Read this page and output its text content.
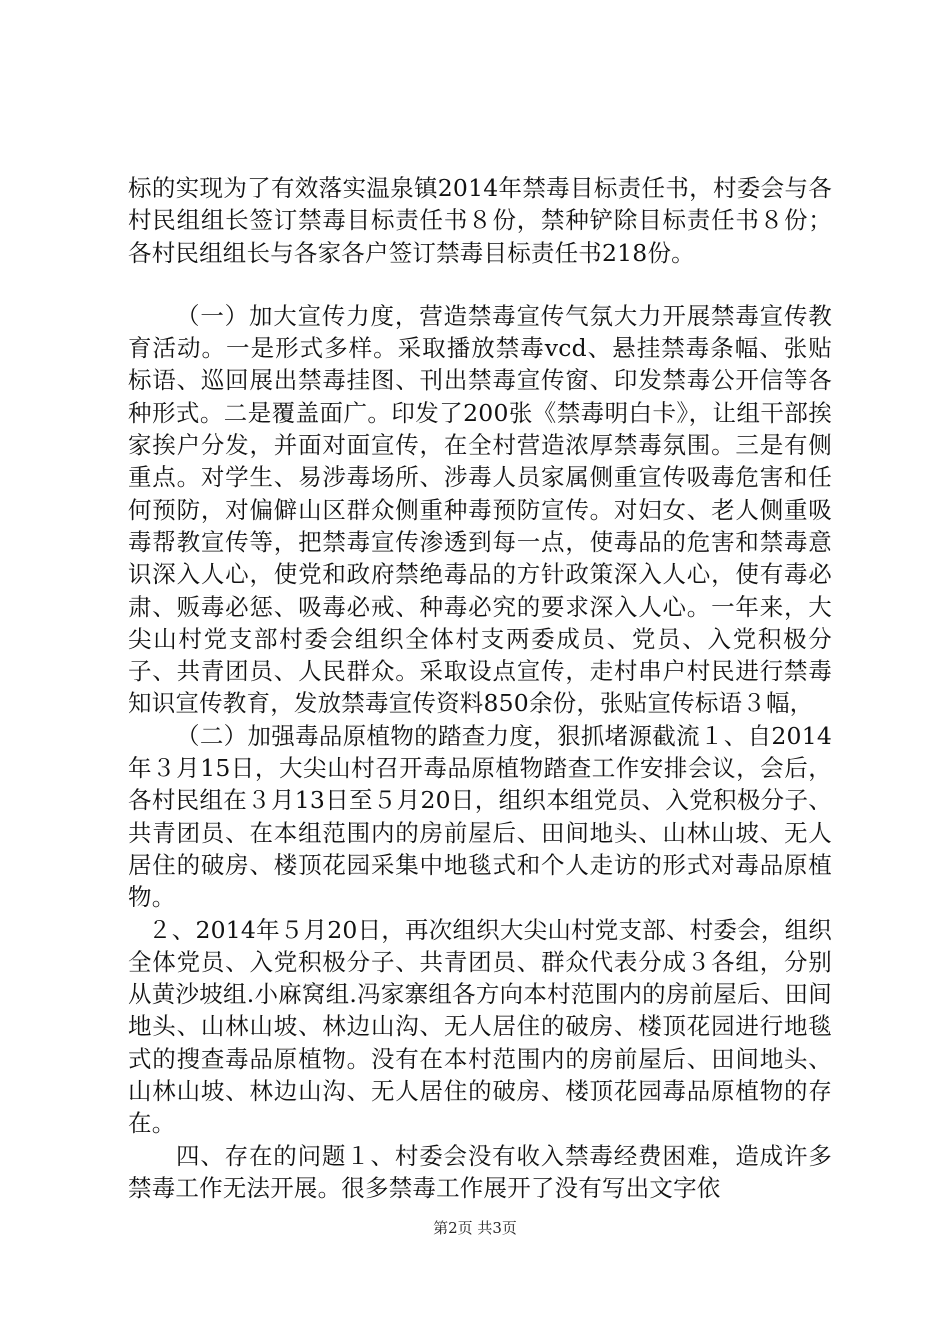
标的实现为了有效落实温泉镇2014年禁毒目标责任书，村委会与各村民组组长签订禁毒目标责任书８份，禁种铲除目标责任书８份；各村民组组长与各家各户签订禁毒目标责任书218份。

（一）加大宣传力度，营造禁毒宣传气氛大力开展禁毒宣传教育活动。一是形式多样。采取播放禁毒vcd、悬挂禁毒条幅、张贴标语、巡回展出禁毒挂图、刊出禁毒宣传窗、印发禁毒公开信等各种形式。二是覆盖面广。印发了200张《禁毒明白卡》，让组干部挨家挨户分发，并面对面宣传，在全村营造浓厚禁毒氛围。三是有侧重点。对学生、易涉毒场所、涉毒人员家属侧重宣传吸毒危害和任何预防，对偏僻山区群众侧重种毒预防宣传。对妇女、老人侧重吸毒帮教宣传等，把禁毒宣传渗透到每一点，使毒品的危害和禁毒意识深入人心，使党和政府禁绝毒品的方针政策深入人心，使有毒必肃、贩毒必惩、吸毒必戒、种毒必究的要求深入人心。一年来，大尖山村党支部村委会组织全体村支两委成员、党员、入党积极分子、共青团员、人民群众。采取设点宣传，走村串户村民进行禁毒知识宣传教育，发放禁毒宣传资料850余份，张贴宣传标语３幅，

（二）加强毒品原植物的踏查力度，狠抓堵源截流１、自2014年３月15日，大尖山村召开毒品原植物踏查工作安排会议，会后，各村民组在３月13日至５月20日，组织本组党员、入党积极分子、共青团员、在本组范围内的房前屋后、田间地头、山林山坡、无人居住的破房、楼顶花园采集中地毯式和个人走访的形式对毒品原植物。

２、2014年５月20日，再次组织大尖山村党支部、村委会，组织全体党员、入党积极分子、共青团员、群众代表分成３各组，分别从黄沙坡组.小麻窝组.冯家寨组各方向本村范围内的房前屋后、田间地头、山林山坡、林边山沟、无人居住的破房、楼顶花园进行地毯式的搜查毒品原植物。没有在本村范围内的房前屋后、田间地头、山林山坡、林边山沟、无人居住的破房、楼顶花园毒品原植物的存在。

四、存在的问题１、村委会没有收入禁毒经费困难，造成许多禁毒工作无法开展。很多禁毒工作展开了没有写出文字依

第2页 共3页
